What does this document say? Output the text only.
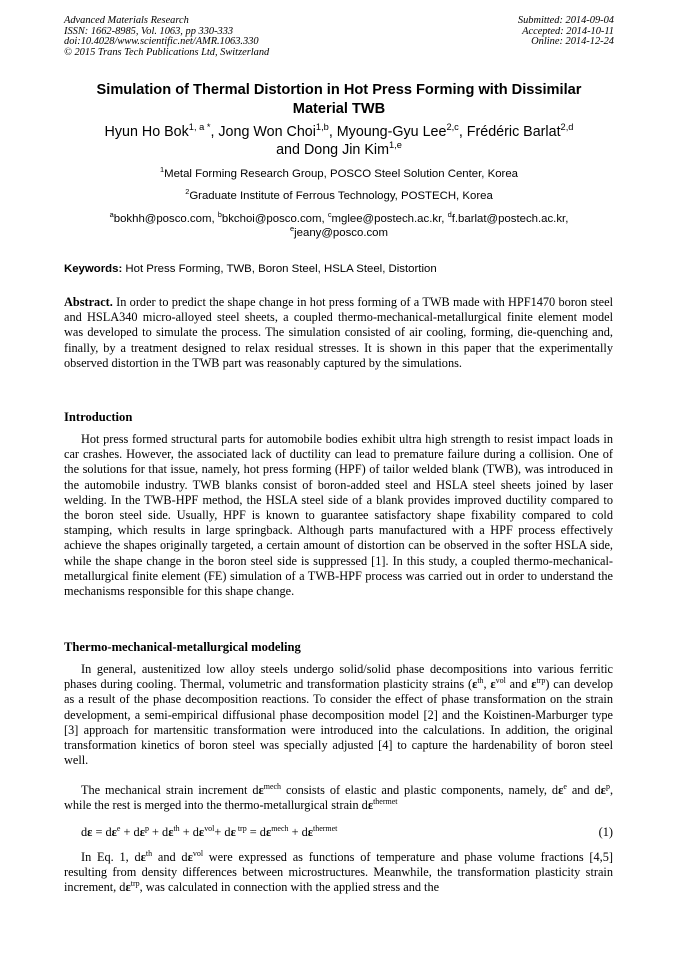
Advanced Materials Research
ISSN: 1662-8985, Vol. 1063, pp 330-333
doi:10.4028/www.scientific.net/AMR.1063.330
© 2015 Trans Tech Publications Ltd, Switzerland
Submitted: 2014-09-04
Accepted: 2014-10-11
Online: 2014-12-24
Simulation of Thermal Distortion in Hot Press Forming with Dissimilar
Material TWB
Hyun Ho Bok$^{1, a *}$, Jong Won Choi$^{1,b}$, Myoung-Gyu Lee$^{2,c}$, Frédéric Barlat$^{2,d}$
and Dong Jin Kim$^{1,e}$
$^1$Metal Forming Research Group, POSCO Steel Solution Center, Korea
$^2$Graduate Institute of Ferrous Technology, POSTECH, Korea
$^a$bokhh@posco.com, $^b$bkchoi@posco.com, $^c$mglee@postech.ac.kr, $^d$f.barlat@postech.ac.kr,
$^e$jeany@posco.com
Keywords: Hot Press Forming, TWB, Boron Steel, HSLA Steel, Distortion
Abstract. In order to predict the shape change in hot press forming of a TWB made with HPF1470 boron steel and HSLA340 micro-alloyed steel sheets, a coupled thermo-mechanical-metallurgical finite element model was developed to simulate the process. The simulation consisted of air cooling, forming, die-quenching and, finally, by a treatment designed to relax residual stresses. It is shown in this paper that the experimentally observed distortion in the TWB part was reasonably captured by the simulations.
Introduction
Hot press formed structural parts for automobile bodies exhibit ultra high strength to resist impact loads in car crashes. However, the associated lack of ductility can lead to premature failure during a collision. One of the solutions for that issue, namely, hot press forming (HPF) of tailor welded blank (TWB), was introduced in the automobile industry. TWB blanks consist of boron-added steel and HSLA steel sheets joined by laser welding. In the TWB-HPF method, the HSLA steel side of a blank provides improved ductility compared to the boron steel side. Usually, HPF is known to guarantee satisfactory shape fixability compared to cold stamping, which results in large springback. Although parts manufactured with a HPF process effectively achieve the shapes originally targeted, a certain amount of distortion can be observed in the softer HSLA side, while the shape change in the boron steel side is suppressed [1]. In this study, a coupled thermo-mechanical-metallurgical finite element (FE) simulation of a TWB-HPF process was carried out in order to understand the mechanisms responsible for this shape change.
Thermo-mechanical-metallurgical modeling
In general, austenitized low alloy steels undergo solid/solid phase decompositions into various ferritic phases during cooling. Thermal, volumetric and transformation plasticity strains ($\varepsilon^{th}$, $\varepsilon^{vol}$ and $\varepsilon^{trp}$) can develop as a result of the phase decomposition reactions. To consider the effect of phase transformation on the strain development, a semi-empirical diffusional phase decomposition model [2] and the Koistinen-Marburger type [3] approach for martensitic transformation were introduced into the calculations. In addition, the original transformation kinetics of boron steel was specially adjusted [4] to capture the hardenability of boron steel well.
The mechanical strain increment $d\varepsilon^{mech}$ consists of elastic and plastic components, namely, $d\varepsilon^e$ and $d\varepsilon^p$, while the rest is merged into the thermo-metallurgical strain $d\varepsilon^{thermet}$
$d\varepsilon = d\varepsilon^e + d\varepsilon^p + d\varepsilon^{th} + d\varepsilon^{vol}+ d\varepsilon$ $^{trp} = d\varepsilon^{mech} + d\varepsilon^{thermet}$	(1)
In Eq. 1, $d\varepsilon^{th}$ and $d\varepsilon^{vol}$ were expressed as functions of temperature and phase volume fractions [4,5] resulting from density differences between microstructures. Meanwhile, the transformation plasticity strain increment, $d\varepsilon^{trp}$, was calculated in connection with the applied stress and the
